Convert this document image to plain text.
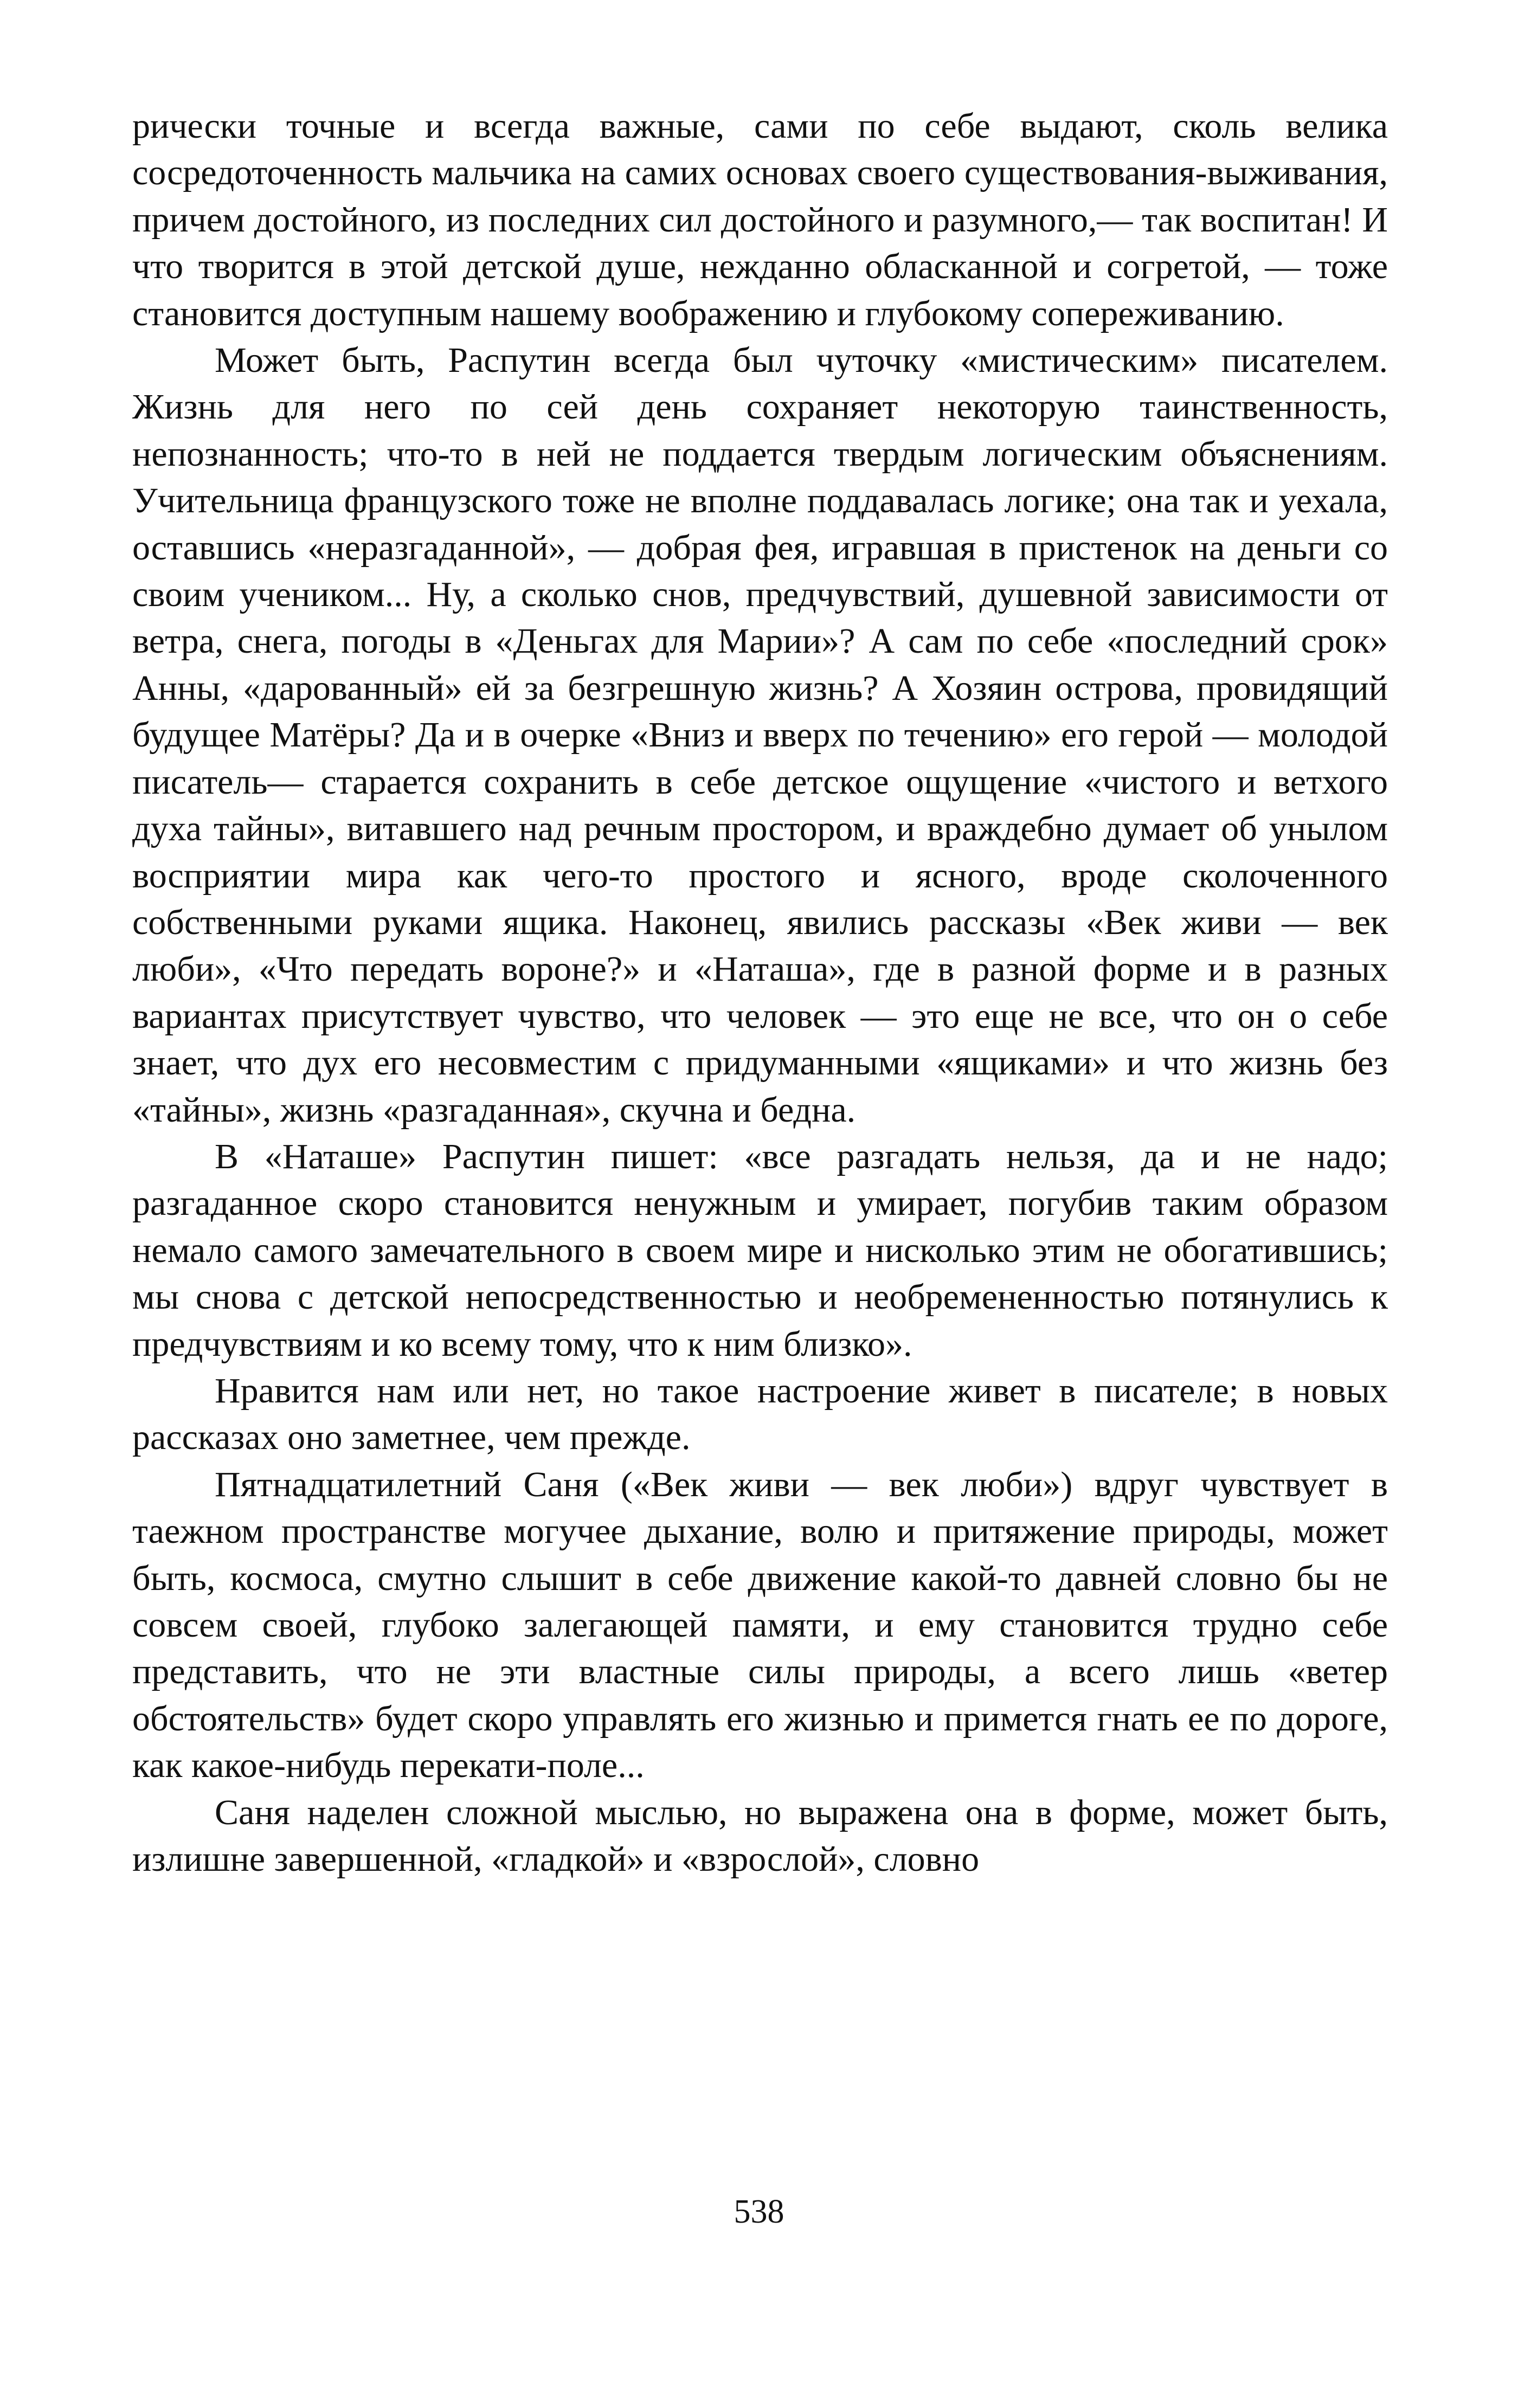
рически точные и всегда важные, сами по себе выдают, сколь велика сосредоточенность мальчика на самих основах своего существования-выживания, причем достойного, из последних сил достойного и разумного,— так воспитан! И что творится в этой детской душе, нежданно обласканной и согретой, — тоже становится доступным нашему воображению и глубокому сопереживанию.

Может быть, Распутин всегда был чуточку «мистическим» писателем. Жизнь для него по сей день сохраняет некоторую таинственность, непознанность; что-то в ней не поддается твердым логическим объяснениям. Учительница французского тоже не вполне поддавалась логике; она так и уехала, оставшись «неразгаданной», — добрая фея, игравшая в пристенок на деньги со своим учеником... Ну, а сколько снов, предчувствий, душевной зависимости от ветра, снега, погоды в «Деньгах для Марии»? А сам по себе «последний срок» Анны, «дарованный» ей за безгрешную жизнь? А Хозяин острова, провидящий будущее Матёры? Да и в очерке «Вниз и вверх по течению» его герой — молодой писатель— старается сохранить в себе детское ощущение «чистого и ветхого духа тайны», витавшего над речным простором, и враждебно думает об унылом восприятии мира как чего-то простого и ясного, вроде сколоченного собственными руками ящика. Наконец, явились рассказы «Век живи — век люби», «Что передать вороне?» и «Наташа», где в разной форме и в разных вариантах присутствует чувство, что человек — это еще не все, что он о себе знает, что дух его несовместим с придуманными «ящиками» и что жизнь без «тайны», жизнь «разгаданная», скучна и бедна.

В «Наташе» Распутин пишет: «все разгадать нельзя, да и не надо; разгаданное скоро становится ненужным и умирает, погубив таким образом немало самого замечательного в своем мире и нисколько этим не обогатившись; мы снова с детской непосредственностью и необремененностью потянулись к предчувствиям и ко всему тому, что к ним близко».

Нравится нам или нет, но такое настроение живет в писателе; в новых рассказах оно заметнее, чем прежде.

Пятнадцатилетний Саня («Век живи — век люби») вдруг чувствует в таежном пространстве могучее дыхание, волю и притяжение природы, может быть, космоса, смутно слышит в себе движение какой-то давней словно бы не совсем своей, глубоко залегающей памяти, и ему становится трудно себе представить, что не эти властные силы природы, а всего лишь «ветер обстоятельств» будет скоро управлять его жизнью и примется гнать ее по дороге, как какое-нибудь перекати-поле...

Саня наделен сложной мыслью, но выражена она в форме, может быть, излишне завершенной, «гладкой» и «взрослой», словно

538
